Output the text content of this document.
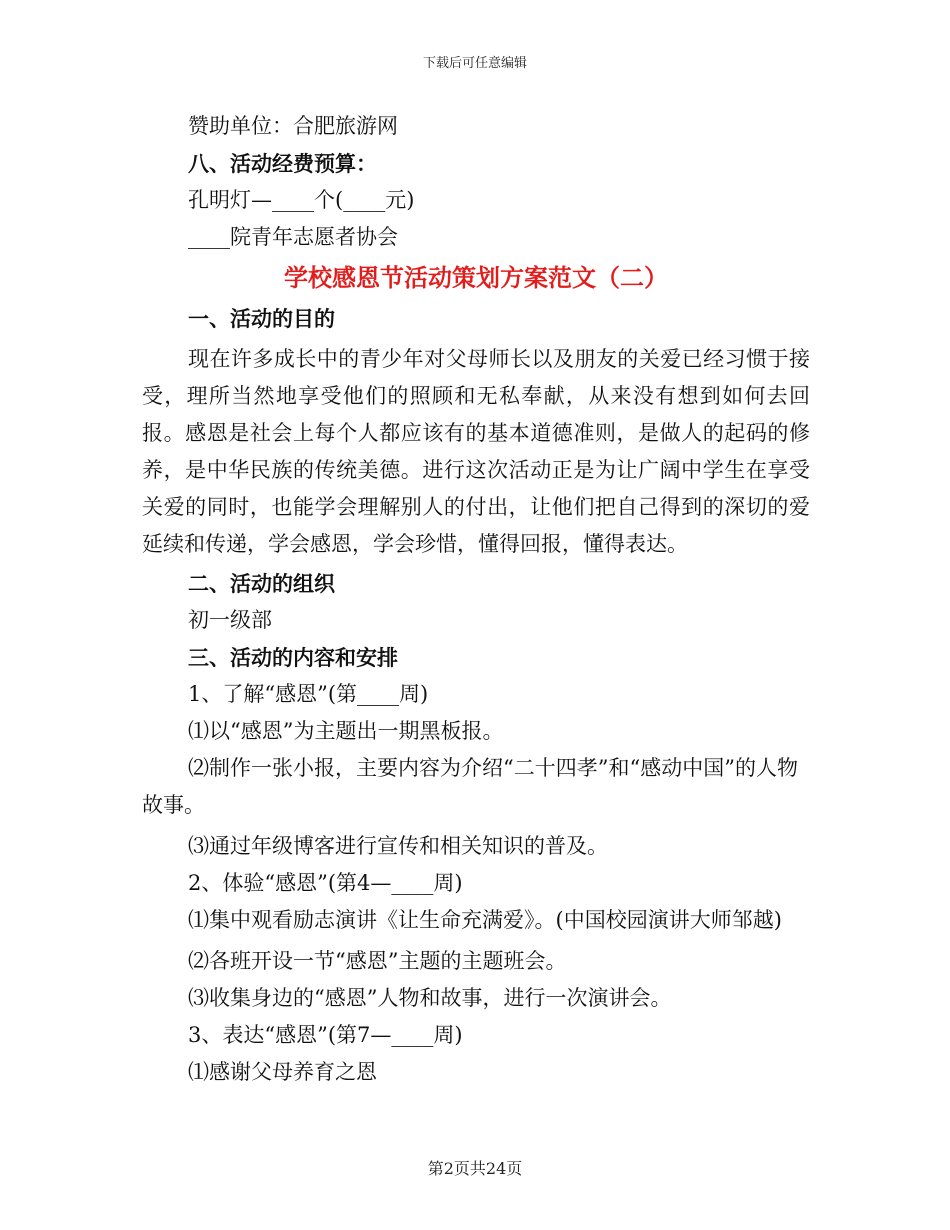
下载后可任意编辑

赞助单位：合肥旅游网

八、活动经费预算：

孔明灯—____个(____元)

____院青年志愿者协会

学校感恩节活动策划方案范文（二）

一、活动的目的

现在许多成长中的青少年对父母师长以及朋友的关爱已经习惯于接受，理所当然地享受他们的照顾和无私奉献，从来没有想到如何去回报。感恩是社会上每个人都应该有的基本道德准则，是做人的起码的修养，是中华民族的传统美德。进行这次活动正是为让广阔中学生在享受关爱的同时，也能学会理解别人的付出，让他们把自己得到的深切的爱延续和传递，学会感恩，学会珍惜，懂得回报，懂得表达。

二、活动的组织

初一级部

三、活动的内容和安排

1、了解“感恩”(第____周)

⑴以“感恩”为主题出一期黑板报。

⑵制作一张小报，主要内容为介绍“二十四孝”和“感动中国”的人物故事。

⑶通过年级博客进行宣传和相关知识的普及。

2、体验“感恩”(第4—____周)

⑴集中观看励志演讲《让生命充满爱》。(中国校园演讲大师邹越)

⑵各班开设一节“感恩”主题的主题班会。

⑶收集身边的“感恩”人物和故事，进行一次演讲会。

3、表达“感恩”(第7—____周)

⑴感谢父母养育之恩

第2页共24页
